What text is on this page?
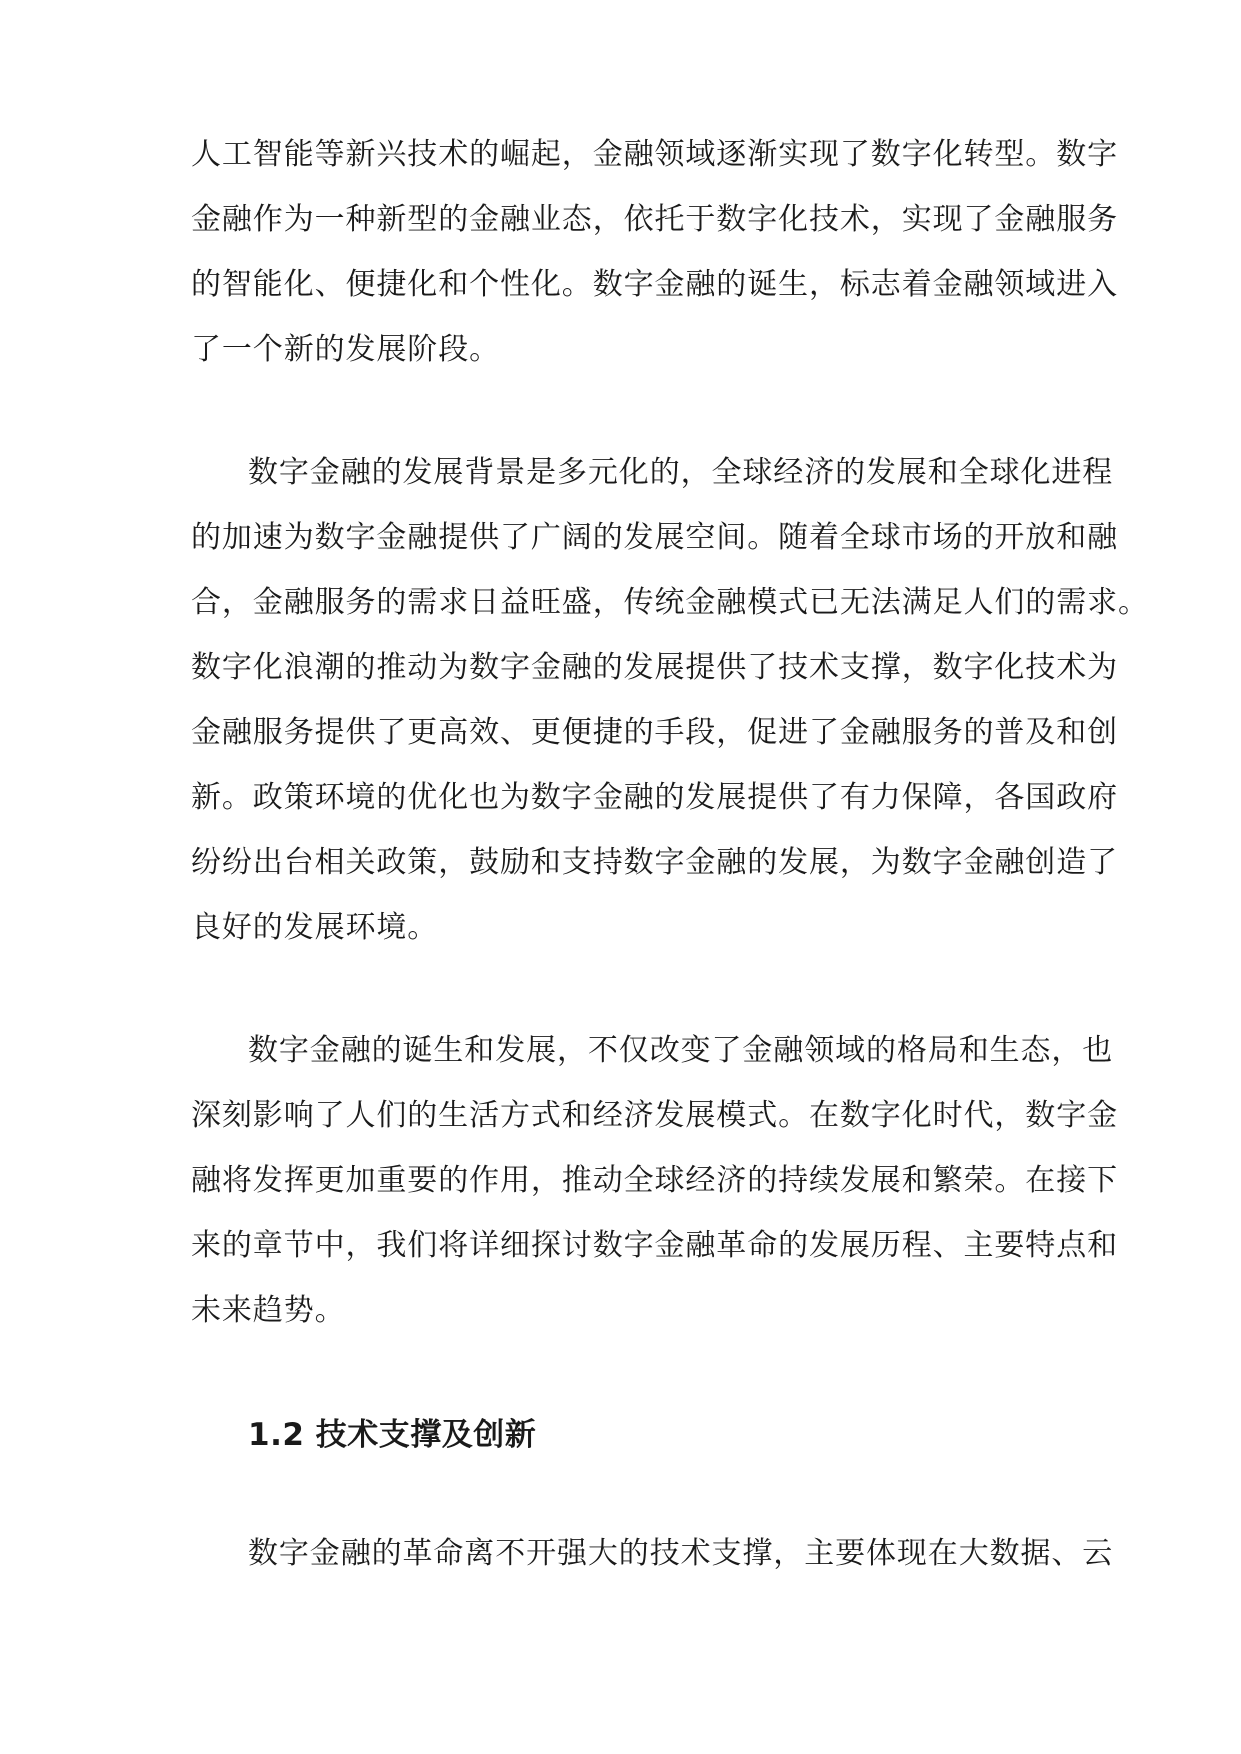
人工智能等新兴技术的崛起，金融领域逐渐实现了数字化转型。数字
金融作为一种新型的金融业态，依托于数字化技术，实现了金融服务
的智能化、便捷化和个性化。数字金融的诞生，标志着金融领域进入
了一个新的发展阶段。
数字金融的发展背景是多元化的，全球经济的发展和全球化进程
的加速为数字金融提供了广阔的发展空间。随着全球市场的开放和融
合，金融服务的需求日益旺盛，传统金融模式已无法满足人们的需求。
数字化浪潮的推动为数字金融的发展提供了技术支撑，数字化技术为
金融服务提供了更高效、更便捷的手段，促进了金融服务的普及和创
新。政策环境的优化也为数字金融的发展提供了有力保障，各国政府
纷纷出台相关政策，鼓励和支持数字金融的发展，为数字金融创造了
良好的发展环境。
数字金融的诞生和发展，不仅改变了金融领域的格局和生态，也
深刻影响了人们的生活方式和经济发展模式。在数字化时代，数字金
融将发挥更加重要的作用，推动全球经济的持续发展和繁荣。在接下
来的章节中，我们将详细探讨数字金融革命的发展历程、主要特点和
未来趋势。
1.2 技术支撑及创新
数字金融的革命离不开强大的技术支撑，主要体现在大数据、云
